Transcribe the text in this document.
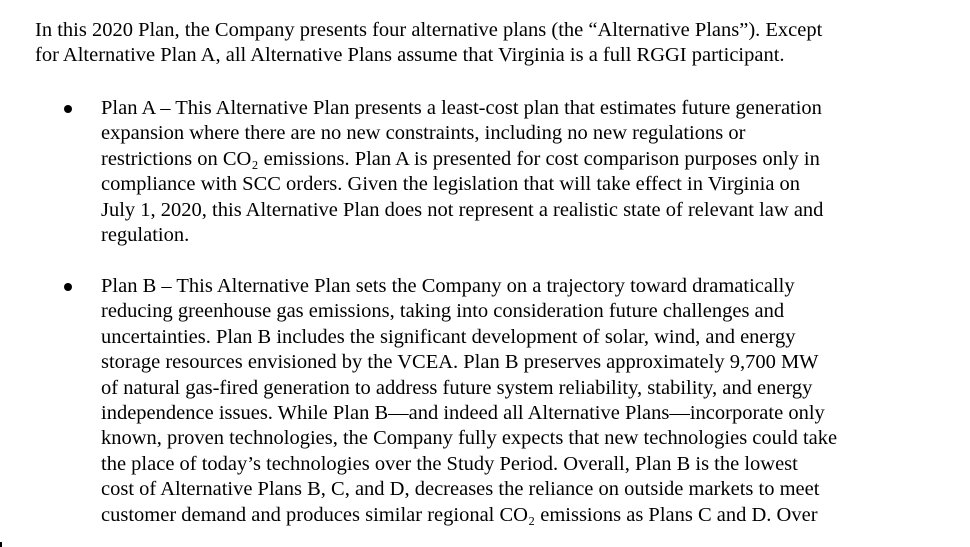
In this 2020 Plan, the Company presents four alternative plans (the “Alternative Plans”). Except
for Alternative Plan A, all Alternative Plans assume that Virginia is a full RGGI participant.

Plan A – This Alternative Plan presents a least-cost plan that estimates future generation
expansion where there are no new constraints, including no new regulations or
restrictions on CO₂ emissions. Plan A is presented for cost comparison purposes only in
compliance with SCC orders. Given the legislation that will take effect in Virginia on
July 1, 2020, this Alternative Plan does not represent a realistic state of relevant law and
regulation.
Plan B – This Alternative Plan sets the Company on a trajectory toward dramatically
reducing greenhouse gas emissions, taking into consideration future challenges and
uncertainties. Plan B includes the significant development of solar, wind, and energy
storage resources envisioned by the VCEA. Plan B preserves approximately 9,700 MW
of natural gas-fired generation to address future system reliability, stability, and energy
independence issues. While Plan B—and indeed all Alternative Plans—incorporate only
known, proven technologies, the Company fully expects that new technologies could take
the place of today’s technologies over the Study Period. Overall, Plan B is the lowest
cost of Alternative Plans B, C, and D, decreases the reliance on outside markets to meet
customer demand and produces similar regional CO₂ emissions as Plans C and D. Over
